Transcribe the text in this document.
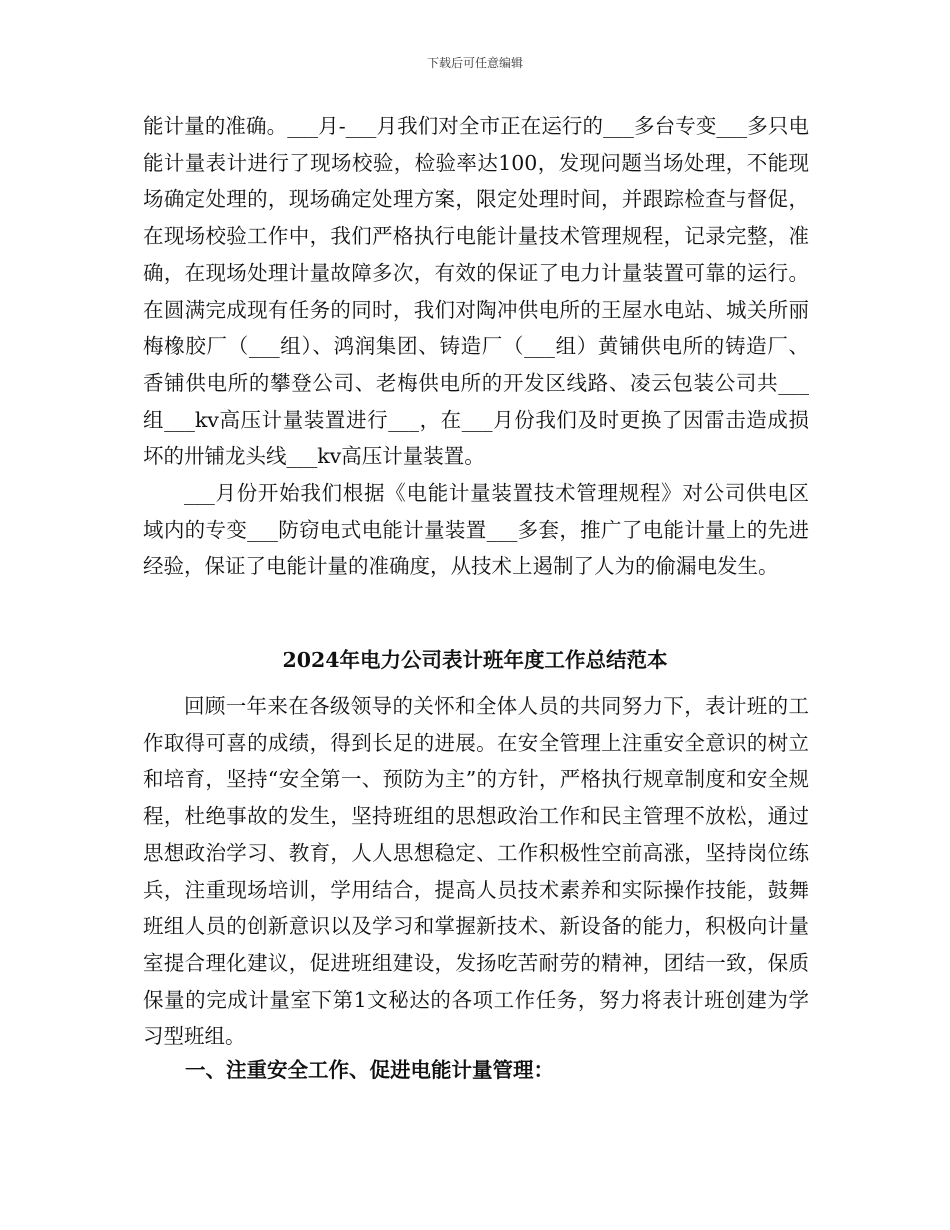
下载后可任意编辑

能计量的准确。___月-___月我们对全市正在运行的___多台专变___多只电能计量表计进行了现场校验，检验率达100，发现问题当场处理，不能现场确定处理的，现场确定处理方案，限定处理时间，并跟踪检查与督促，在现场校验工作中，我们严格执行电能计量技术管理规程，记录完整，准确，在现场处理计量故障多次，有效的保证了电力计量装置可靠的运行。在圆满完成现有任务的同时，我们对陶冲供电所的王屋水电站、城关所丽梅橡胶厂（___组）、鸿润集团、铸造厂（___组）黄铺供电所的铸造厂、香铺供电所的攀登公司、老梅供电所的开发区线路、凌云包装公司共___组___kv高压计量装置进行___，在___月份我们及时更换了因雷击造成损坏的卅铺龙头线___kv高压计量装置。

___月份开始我们根据《电能计量装置技术管理规程》对公司供电区域内的专变___防窃电式电能计量装置___多套，推广了电能计量上的先进经验，保证了电能计量的准确度，从技术上遏制了人为的偷漏电发生。

2024年电力公司表计班年度工作总结范本
回顾一年来在各级领导的关怀和全体人员的共同努力下，表计班的工作取得可喜的成绩，得到长足的进展。在安全管理上注重安全意识的树立和培育，坚持“安全第一、预防为主”的方针，严格执行规章制度和安全规程，杜绝事故的发生，坚持班组的思想政治工作和民主管理不放松，通过思想政治学习、教育，人人思想稳定、工作积极性空前高涨，坚持岗位练兵，注重现场培训，学用结合，提高人员技术素养和实际操作技能，鼓舞班组人员的创新意识以及学习和掌握新技术、新设备的能力，积极向计量室提合理化建议，促进班组建设，发扬吃苦耐劳的精神，团结一致，保质保量的完成计量室下第1文秘达的各项工作任务，努力将表计班创建为学习型班组。
一、注重安全工作、促进电能计量管理：
